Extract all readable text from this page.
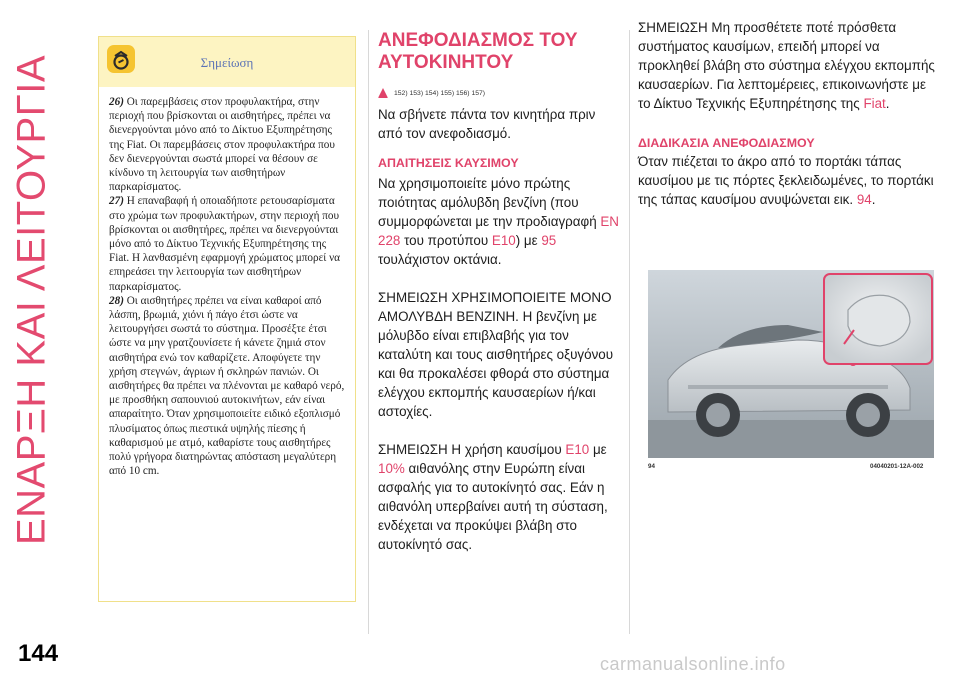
ΕΝΑΡΞΗ ΚΑΙ ΛΕΙΤΟΥΡΓΙΑ	Σημείωση

26) Οι παρεμβάσεις στον προφυλακτήρα, στην περιοχή που βρίσκονται οι αισθητήρες, πρέπει να διενεργούνται μόνο από το Δίκτυο Εξυπηρέτησης της Fiat. Οι παρεμβάσεις στον προφυλακτήρα που δεν διενεργούνται σωστά μπορεί να θέσουν σε κίνδυνο τη λειτουργία των αισθητήρων παρκαρίσματος.

27) Η επαναβαφή ή οποιαδήποτε ρετουσαρίσματα στο χρώμα των προφυλακτήρων, στην περιοχή που βρίσκονται οι αισθητήρες, πρέπει να διενεργούνται μόνο από το Δίκτυο Τεχνικής Εξυπηρέτησης της Fiat. Η λανθασμένη εφαρμογή χρώματος μπορεί να επηρεάσει την λειτουργία των αισθητήρων παρκαρίσματος.

28) Οι αισθητήρες πρέπει να είναι καθαροί από λάσπη, βρωμιά, χιόνι ή πάγο έτσι ώστε να λειτουργήσει σωστά το σύστημα. Προσέξτε έτσι ώστε να μην γρατζουνίσετε ή κάνετε ζημιά στον αισθητήρα ενώ τον καθαρίζετε. Αποφύγετε την χρήση στεγνών, άγριων ή σκληρών πανιών. Οι αισθητήρες θα πρέπει να πλένονται με καθαρό νερό, με προσθήκη σαπουνιού αυτοκινήτων, εάν είναι απαραίτητο. Όταν χρησιμοποιείτε ειδικό εξοπλισμό πλυσίματος όπως πιεστικά υψηλής πίεσης ή καθαρισμού με ατμό, καθαρίστε τους αισθητήρες πολύ γρήγορα διατηρώντας απόσταση μεγαλύτερη από 10 cm.

ΑΝΕΦΟΔΙΑΣΜΟΣ ΤΟΥ
ΑΥΤΟΚΙΝΗΤΟΥ
152) 153) 154) 155) 156) 157)

Να σβήνετε πάντα τον κινητήρα πριν από τον ανεφοδιασμό.

ΑΠΑΙΤΗΣΕΙΣ ΚΑΥΣΙΜΟΥ

Να χρησιμοποιείτε μόνο πρώτης ποιότητας αμόλυβδη βενζίνη (που συμμορφώνεται με την προδιαγραφή EN 228 του προτύπου E10) με 95 τουλάχιστον οκτάνια.

ΣΗΜΕΙΩΣΗ ΧΡΗΣΙΜΟΠΟΙΕΙΤΕ ΜΟΝΟ ΑΜΟΛΥΒΔΗ ΒΕΝΖΙΝΗ. Η βενζίνη με μόλυβδο είναι επιβλαβής για τον καταλύτη και τους αισθητήρες οξυγόνου και θα προκαλέσει φθορά στο σύστημα ελέγχου εκπομπής καυσαερίων ή/και αστοχίες.

ΣΗΜΕΙΩΣΗ Η χρήση καυσίμου E10 με 10% αιθανόλης στην Ευρώπη είναι ασφαλής για το αυτοκίνητό σας. Εάν η αιθανόλη υπερβαίνει αυτή τη σύσταση, ενδέχεται να προκύψει βλάβη στο αυτοκίνητό σας.

ΣΗΜΕΙΩΣΗ Μη προσθέτετε ποτέ πρόσθετα συστήματος καυσίμων, επειδή μπορεί να προκληθεί βλάβη στο σύστημα ελέγχου εκπομπής καυσαερίων. Για λεπτομέρειες, επικοινωνήστε με το Δίκτυο Τεχνικής Εξυπηρέτησης της Fiat.

ΔΙΑΔΙΚΑΣΙΑ ΑΝΕΦΟΔΙΑΣΜΟΥ

Όταν πιέζεται το άκρο από το πορτάκι τάπας καυσίμου με τις πόρτες ξεκλειδωμένες, το πορτάκι της τάπας καυσίμου ανυψώνεται εικ. 94.

94	04040201-12A-002
144	carmanualsonline.info
